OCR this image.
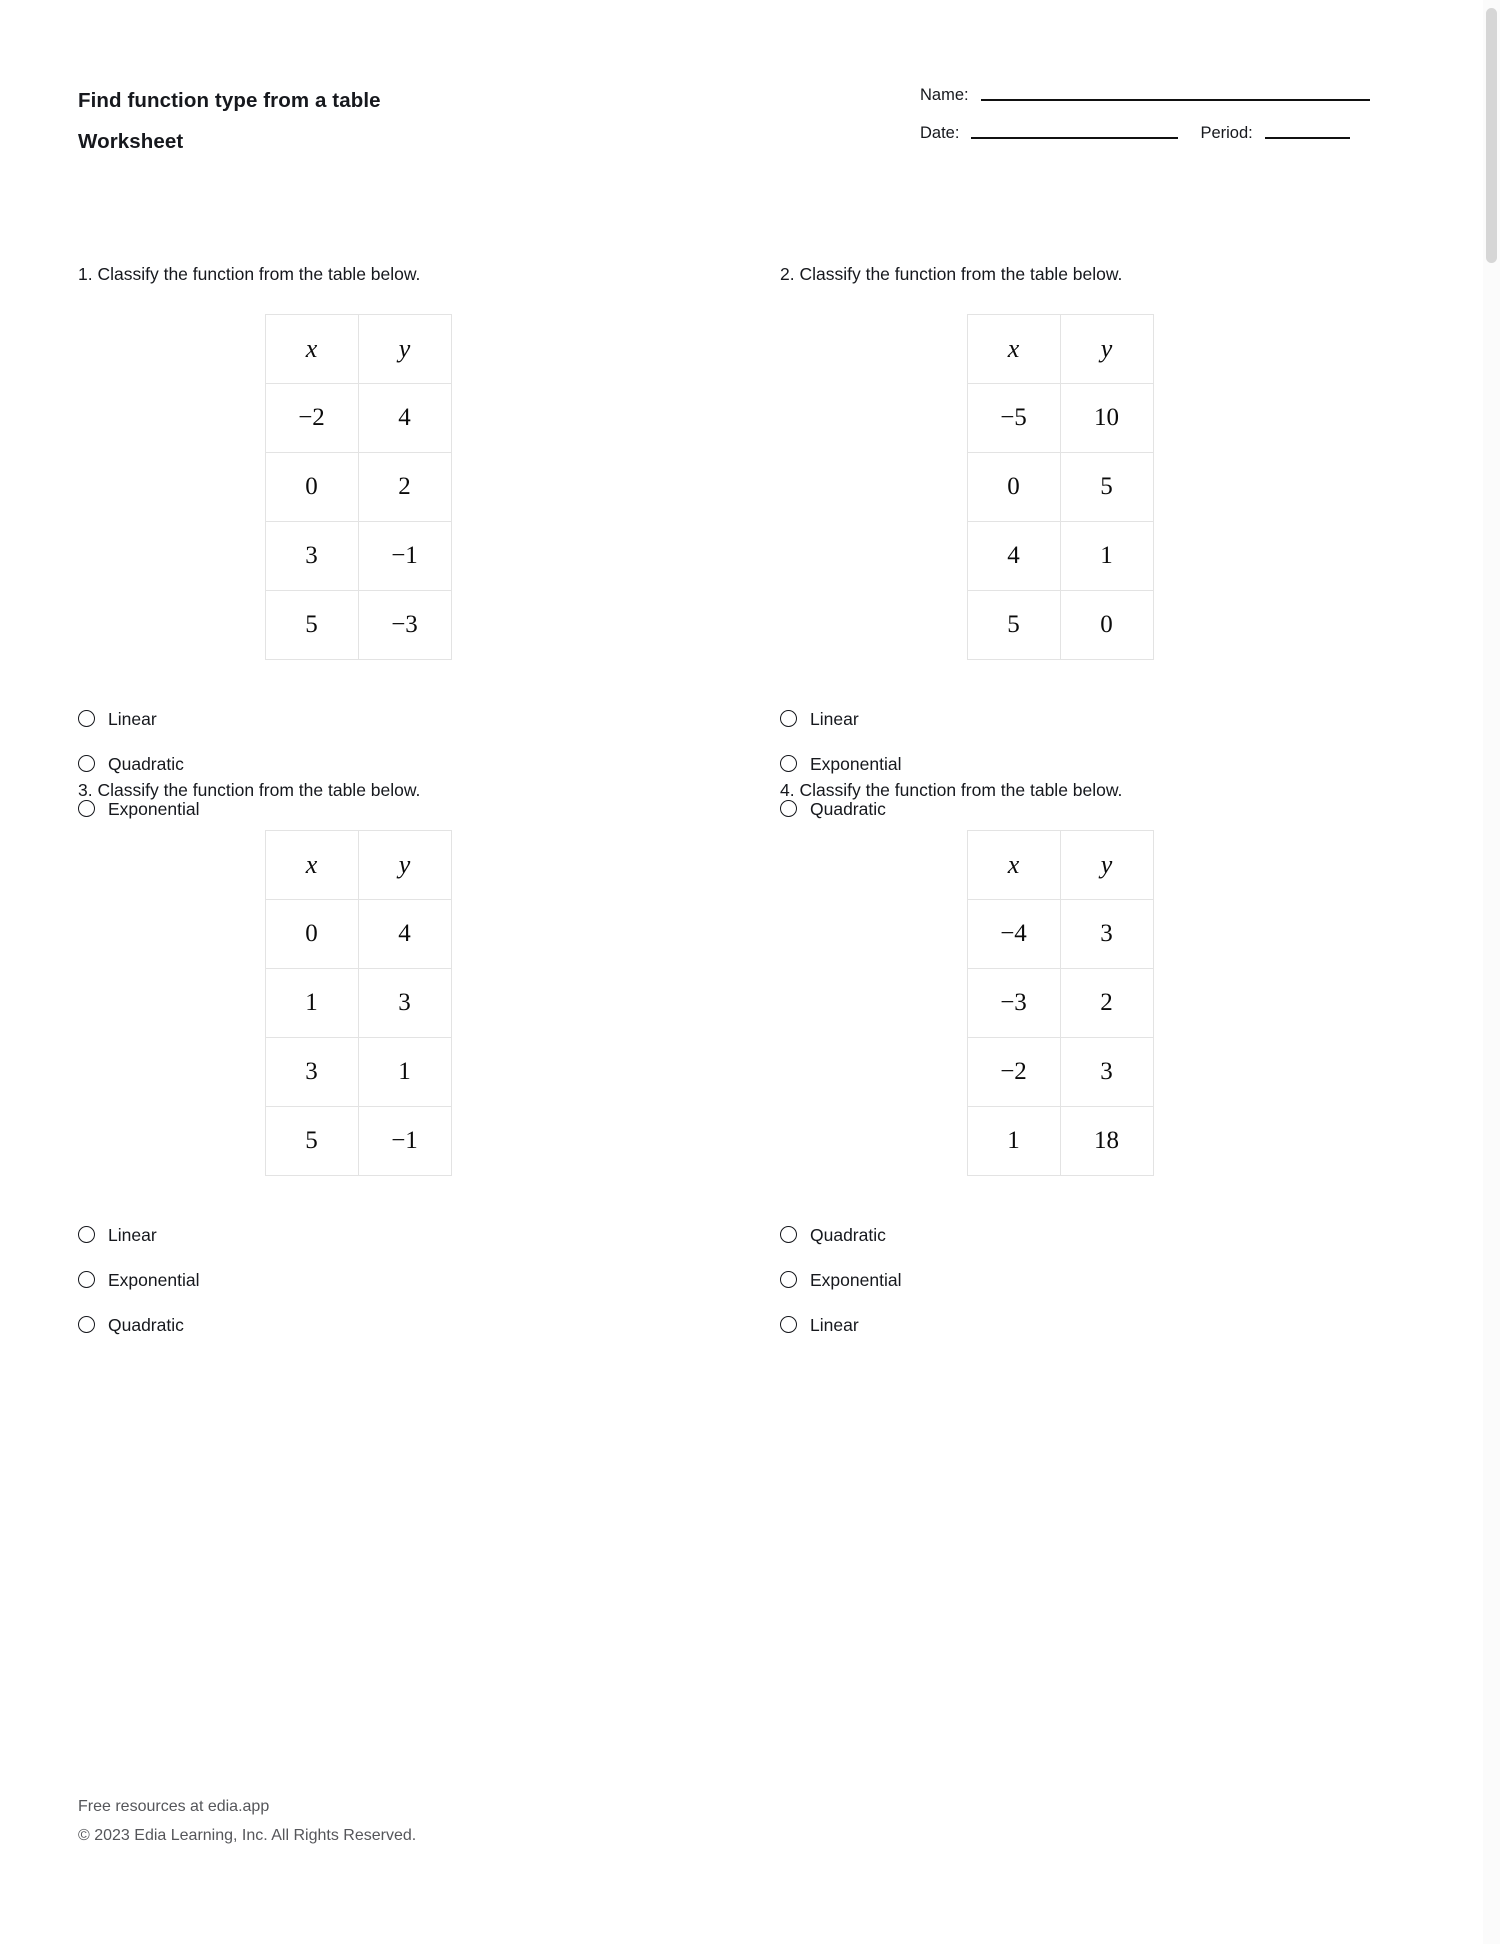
Find function type from a table
Worksheet
Name:
Date:	Period:

1. Classify the function from the table below.

x	y
−2	4
0	2
3	−1
5	−3
Linear
Quadratic
Exponential

2. Classify the function from the table below.

x	y
−5	10
0	5
4	1
5	0
Linear
Exponential
Quadratic

3. Classify the function from the table below.

x	y
0	4
1	3
3	1
5	−1
Linear
Exponential
Quadratic

4. Classify the function from the table below.

x	y
−4	3
−3	2
−2	3
1	18
Quadratic
Exponential
Linear
Free resources at edia.app
© 2023 Edia Learning, Inc. All Rights Reserved.
